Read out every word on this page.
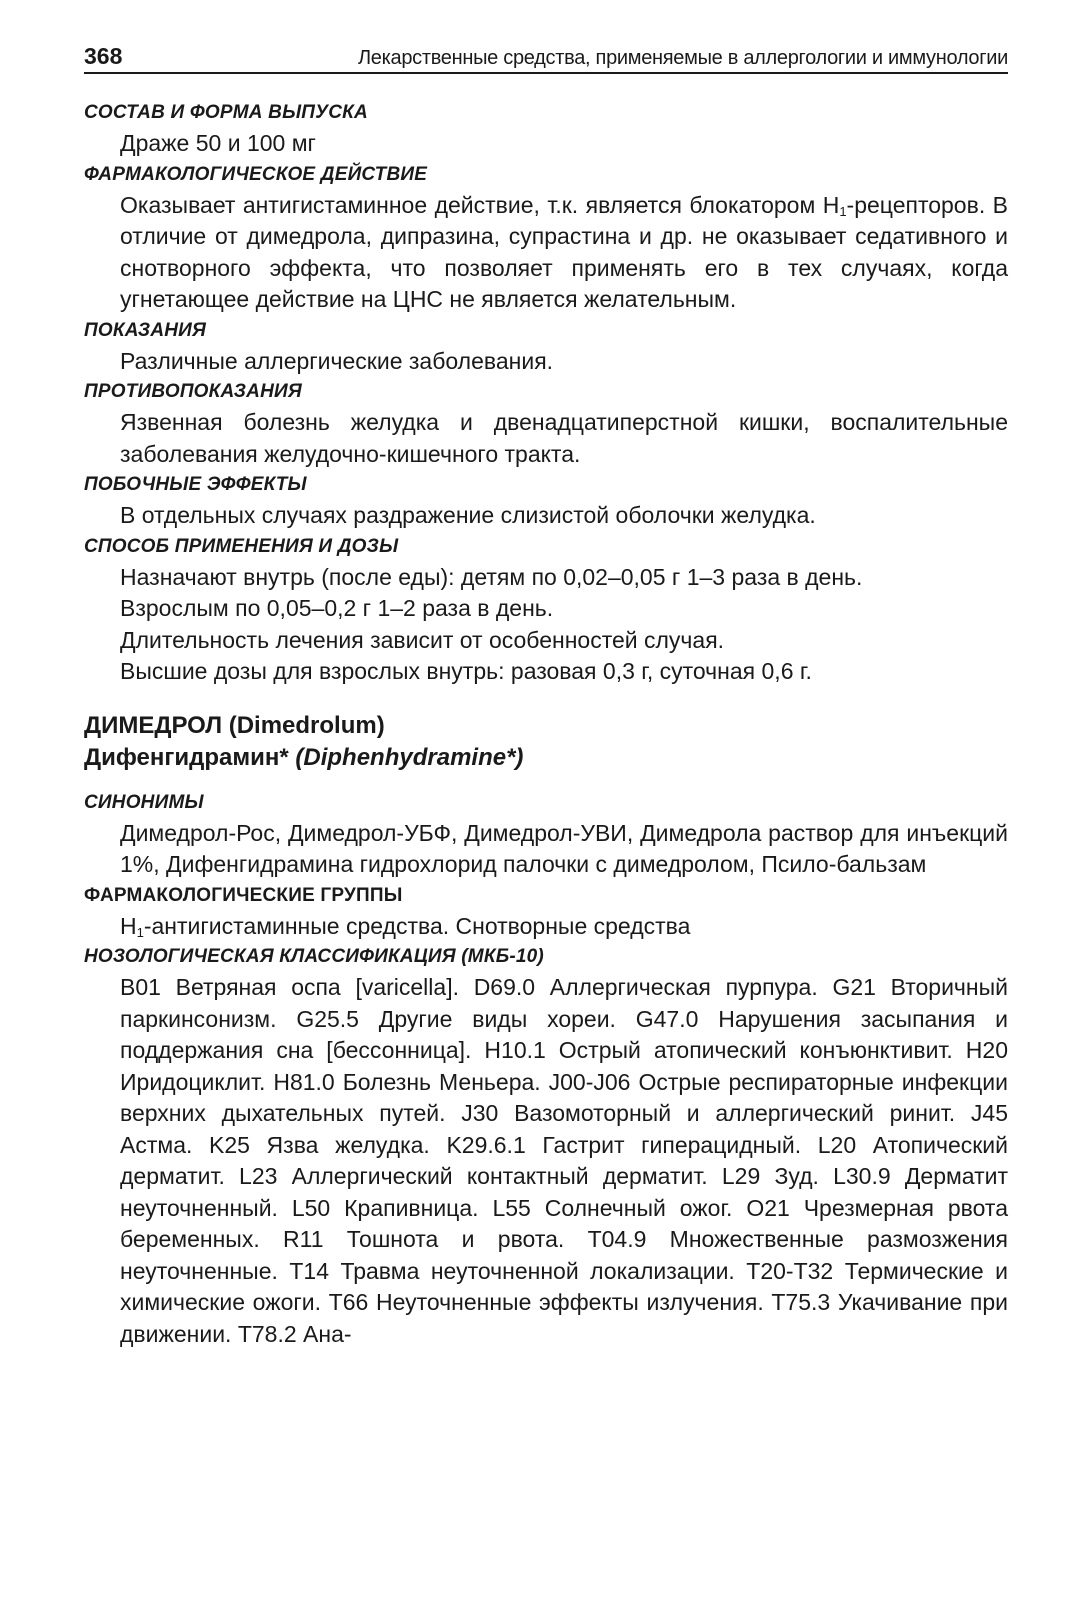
368	Лекарственные средства, применяемые в аллергологии и иммунологии
СОСТАВ И ФОРМА ВЫПУСКА

Драже 50 и 100 мг

ФАРМАКОЛОГИЧЕСКОЕ ДЕЙСТВИЕ

Оказывает антигистаминное действие, т.к. является блокатором $Н_1$-рецепторов. В отличие от димедрола, дипразина, супрастина и др. не оказывает седативного и снотворного эффекта, что позволяет применять его в тех случаях, когда угнетающее действие на ЦНС не является желательным.

ПОКАЗАНИЯ

Различные аллергические заболевания.

ПРОТИВОПОКАЗАНИЯ

Язвенная болезнь желудка и двенадцатиперстной кишки, воспалительные заболевания желудочно-кишечного тракта.

ПОБОЧНЫЕ ЭФФЕКТЫ

В отдельных случаях раздражение слизистой оболочки желудка.

СПОСОБ ПРИМЕНЕНИЯ И ДОЗЫ

Назначают внутрь (после еды): детям по 0,02–0,05 г 1–3 раза в день.

Взрослым по 0,05–0,2 г 1–2 раза в день.

Длительность лечения зависит от особенностей случая.

Высшие дозы для взрослых внутрь: разовая 0,3 г, суточная 0,6 г.

ДИМЕДРОЛ (Dimedrolum)
Дифенгидрамин* (Diphenhydramine*)
СИНОНИМЫ

Димедрол-Рос, Димедрол-УБФ, Димедрол-УВИ, Димедрола раствор для инъекций 1%, Дифенгидрамина гидрохлорид палочки с димедролом, Псило-бальзам

ФАРМАКОЛОГИЧЕСКИЕ ГРУППЫ

$Н_1$-антигистаминные средства. Снотворные средства

НОЗОЛОГИЧЕСКАЯ КЛАССИФИКАЦИЯ (МКБ-10)

B01 Ветряная оспа [varicella]. D69.0 Аллергическая пурпура. G21 Вторичный паркинсонизм. G25.5 Другие виды хореи. G47.0 Нарушения засыпания и поддержания сна [бессонница]. H10.1 Острый атопический конъюнктивит. H20 Иридоциклит. H81.0 Болезнь Меньера. J00-J06 Острые респираторные инфекции верхних дыхательных путей. J30 Вазомоторный и аллергический ринит. J45 Астма. K25 Язва желудка. K29.6.1 Гастрит гиперацидный. L20 Атопический дерматит. L23 Аллергический контактный дерматит. L29 Зуд. L30.9 Дерматит неуточненный. L50 Крапивница. L55 Солнечный ожог. O21 Чрезмерная рвота беременных. R11 Тошнота и рвота. T04.9 Множественные размозжения неуточненные. T14 Травма неуточненной локализации. T20-T32 Термические и химические ожоги. T66 Неуточненные эффекты излучения. T75.3 Укачивание при движении. T78.2 Ана-
